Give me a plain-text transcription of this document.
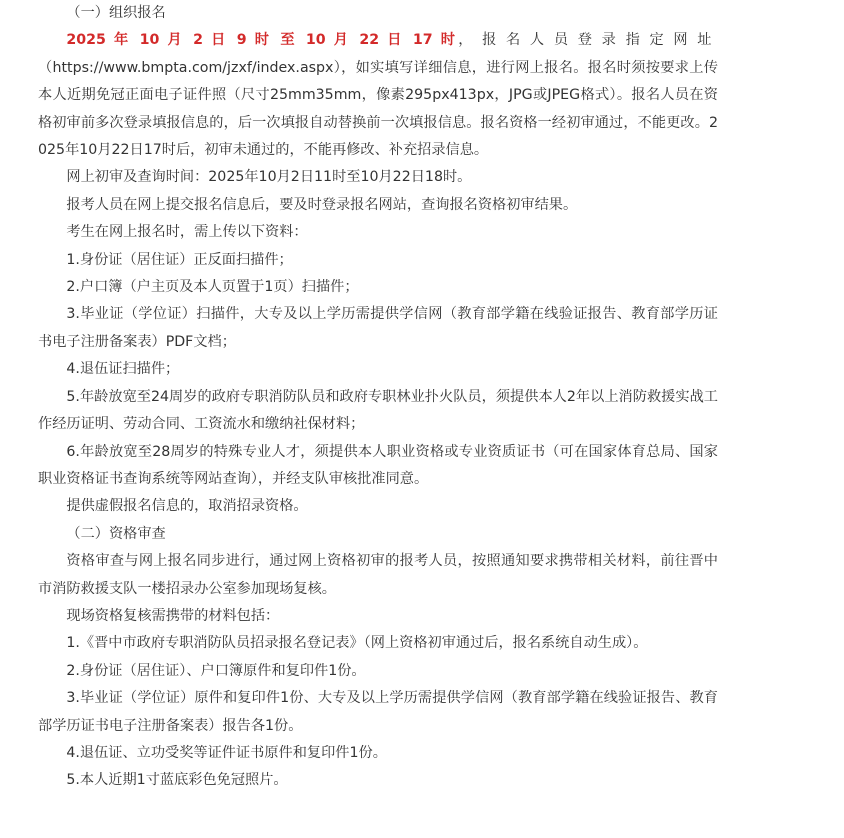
（一）组织报名

2025 年 10 月 2 日 9 时 至 10 月 22 日 17 时，报名人员登录指定网址

（https://www.bmpta.com/jzxf/index.aspx），如实填写详细信息，进行网上报名。报名时须按要求上传本人近期免冠正面电子证件照（尺寸25mm35mm，像素295px413px，JPG或JPEG格式）。报名人员在资格初审前多次登录填报信息的，后一次填报自动替换前一次填报信息。报名资格一经初审通过，不能更改。2025年10月22日17时后，初审未通过的，不能再修改、补充招录信息。

网上初审及查询时间：2025年10月2日11时至10月22日18时。

报考人员在网上提交报名信息后，要及时登录报名网站，查询报名资格初审结果。

考生在网上报名时，需上传以下资料：

1.身份证（居住证）正反面扫描件；

2.户口簿（户主页及本人页置于1页）扫描件；

3.毕业证（学位证）扫描件，大专及以上学历需提供学信网（教育部学籍在线验证报告、教育部学历证书电子注册备案表）PDF文档；

4.退伍证扫描件；

5.年龄放宽至24周岁的政府专职消防队员和政府专职林业扑火队员，须提供本人2年以上消防救援实战工作经历证明、劳动合同、工资流水和缴纳社保材料；

6.年龄放宽至28周岁的特殊专业人才，须提供本人职业资格或专业资质证书（可在国家体育总局、国家职业资格证书查询系统等网站查询），并经支队审核批准同意。

提供虚假报名信息的，取消招录资格。

（二）资格审查

资格审查与网上报名同步进行，通过网上资格初审的报考人员，按照通知要求携带相关材料，前往晋中市消防救援支队一楼招录办公室参加现场复核。

现场资格复核需携带的材料包括：

1.《晋中市政府专职消防队员招录报名登记表》（网上资格初审通过后，报名系统自动生成）。

2.身份证（居住证）、户口簿原件和复印件1份。

3.毕业证（学位证）原件和复印件1份、大专及以上学历需提供学信网（教育部学籍在线验证报告、教育部学历证书电子注册备案表）报告各1份。

4.退伍证、立功受奖等证件证书原件和复印件1份。

5.本人近期1寸蓝底彩色免冠照片。
